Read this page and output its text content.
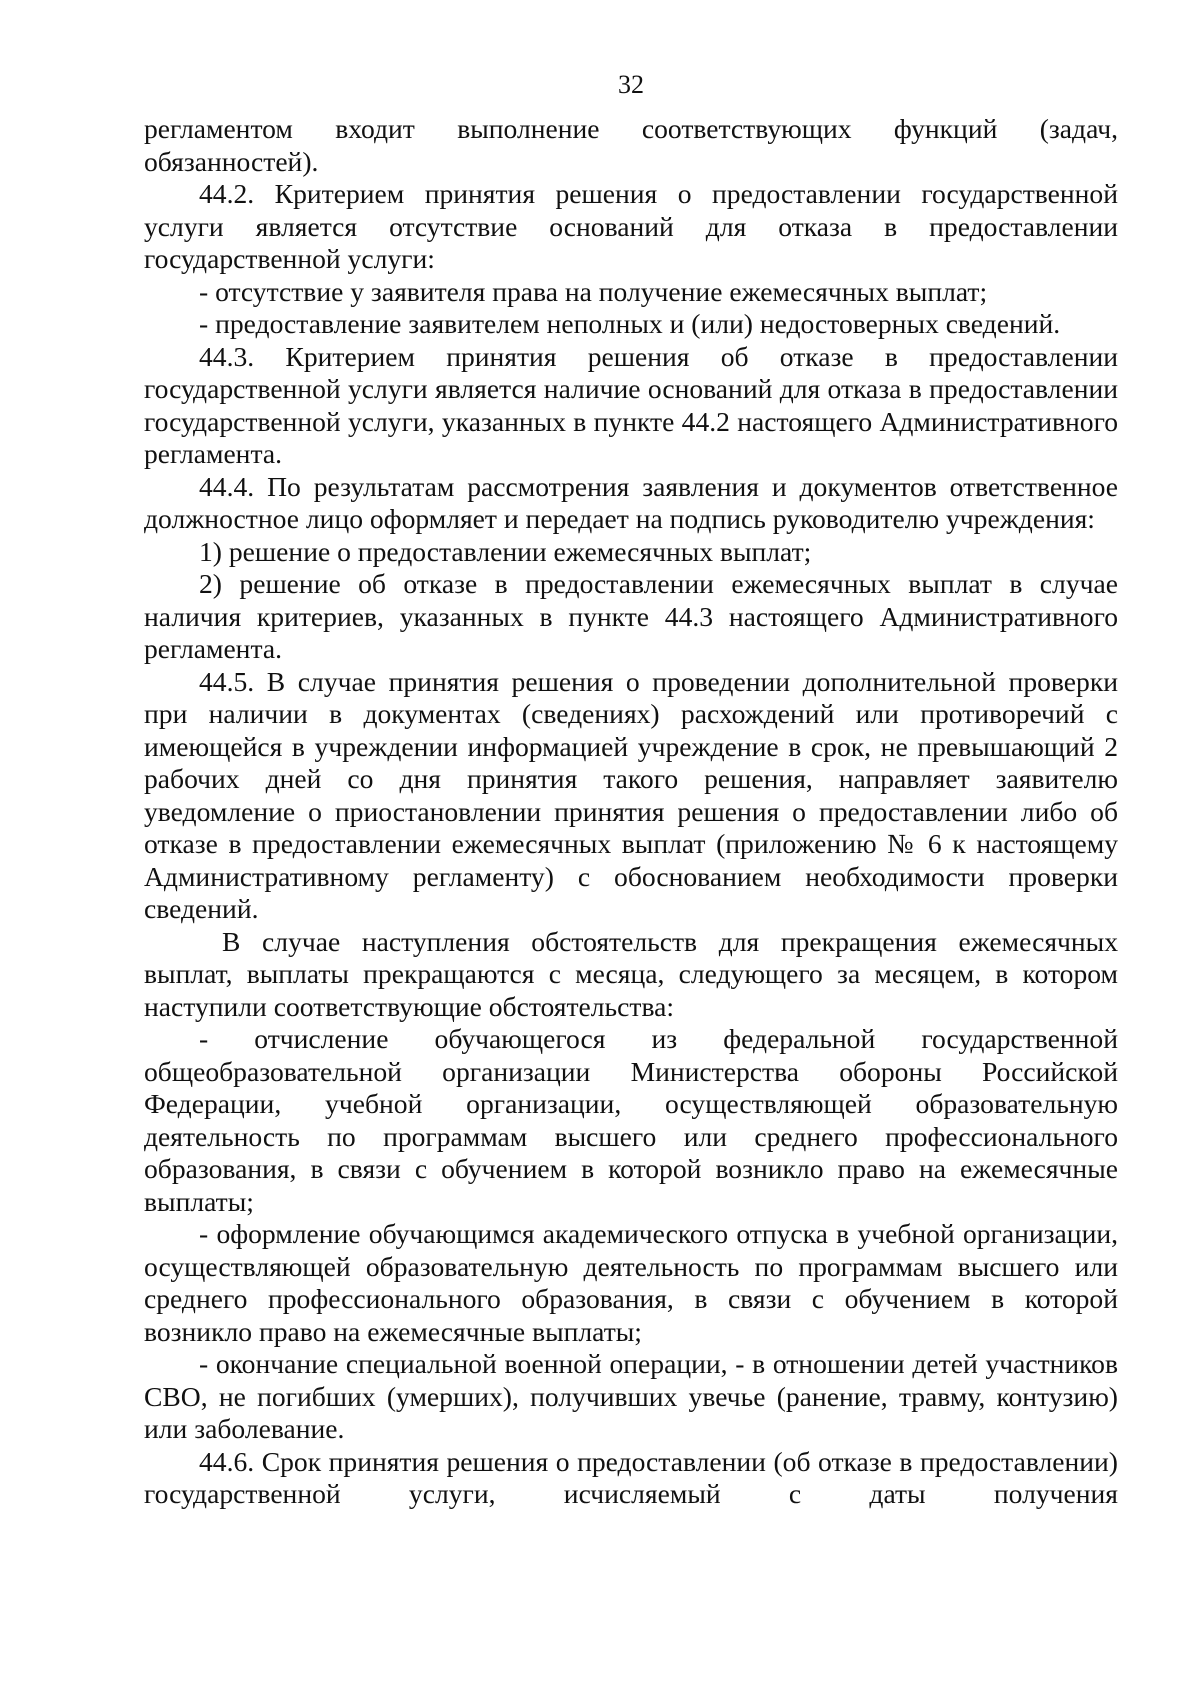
32

регламентом входит выполнение соответствующих функций (задач, обязанностей).

44.2. Критерием принятия решения о предоставлении государственной услуги является отсутствие оснований для отказа в предоставлении государственной услуги:

- отсутствие у заявителя права на получение ежемесячных выплат;

- предоставление заявителем неполных и (или) недостоверных сведений.

44.3. Критерием принятия решения об отказе в предоставлении государственной услуги является наличие оснований для отказа в предоставлении государственной услуги, указанных в пункте 44.2 настоящего Административного регламента.

44.4. По результатам рассмотрения заявления и документов ответственное должностное лицо оформляет и передает на подпись руководителю учреждения:

1) решение о предоставлении ежемесячных выплат;

2) решение об отказе в предоставлении ежемесячных выплат в случае наличия критериев, указанных в пункте 44.3 настоящего Административного регламента.

44.5. В случае принятия решения о проведении дополнительной проверки при наличии в документах (сведениях) расхождений или противоречий с имеющейся в учреждении информацией учреждение в срок, не превышающий 2 рабочих дней со дня принятия такого решения, направляет заявителю уведомление о приостановлении принятия решения о предоставлении либо об отказе в предоставлении ежемесячных выплат (приложению № 6 к настоящему Административному регламенту) с обоснованием необходимости проверки сведений.

В случае наступления обстоятельств для прекращения ежемесячных выплат, выплаты прекращаются с месяца, следующего за месяцем, в котором наступили соответствующие обстоятельства:

- отчисление обучающегося из федеральной государственной общеобразовательной организации Министерства обороны Российской Федерации, учебной организации, осуществляющей образовательную деятельность по программам высшего или среднего профессионального образования, в связи с обучением в которой возникло право на ежемесячные выплаты;

- оформление обучающимся академического отпуска в учебной организации, осуществляющей образовательную деятельность по программам высшего или среднего профессионального образования, в связи с обучением в которой возникло право на ежемесячные выплаты;

- окончание специальной военной операции, - в отношении детей участников СВО, не погибших (умерших), получивших увечье (ранение, травму, контузию) или заболевание.

44.6. Срок принятия решения о предоставлении (об отказе в предоставлении) государственной услуги, исчисляемый с даты получения
